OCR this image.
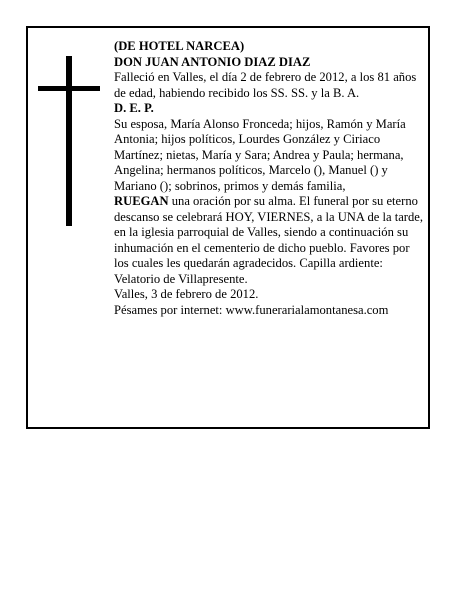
(DE HOTEL NARCEA)

DON JUAN ANTONIO DIAZ DIAZ

Falleció en Valles, el día 2 de febrero de 2012, a los 81 años de edad, habiendo recibido los SS. SS. y la B. A.

D. E. P.

Su esposa, María Alonso Fronceda; hijos, Ramón y María Antonia; hijos políticos, Lourdes González y Ciriaco Martínez; nietas, María y Sara; Andrea y Paula; hermana, Angelina; hermanos políticos, Marcelo (), Manuel () y Mariano (); sobrinos, primos y demás familia,

RUEGAN una oración por su alma. El funeral por su eterno descanso se celebrará HOY, VIERNES, a la UNA de la tarde, en la iglesia parroquial de Valles, siendo a continuación su inhumación en el cementerio de dicho pueblo. Favores por los cuales les quedarán agradecidos. Capilla ardiente: Velatorio de Villapresente.

Valles, 3 de febrero de 2012.

Pésames por internet: www.funerarialamontanesa.com
